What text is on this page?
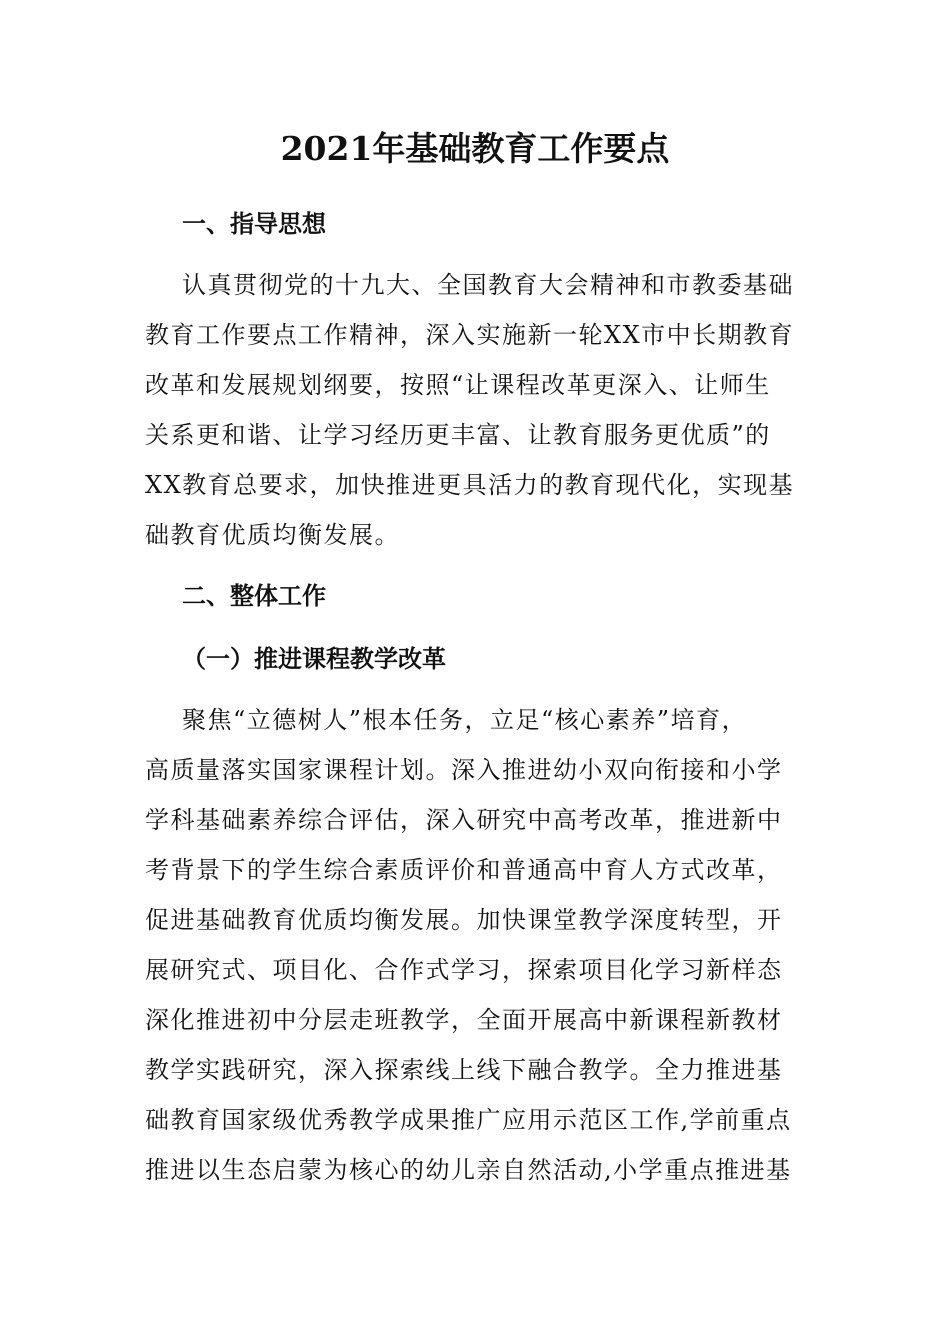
2021年基础教育工作要点
一、指导思想
认真贯彻党的十九大、全国教育大会精神和市教委基础
教育工作要点工作精神，深入实施新一轮XX市中长期教育
改革和发展规划纲要，按照“让课程改革更深入、让师生
关系更和谐、让学习经历更丰富、让教育服务更优质”的
XX教育总要求，加快推进更具活力的教育现代化，实现基
础教育优质均衡发展。
二、整体工作
（一）推进课程教学改革
聚焦“立德树人”根本任务，立足“核心素养”培育，
高质量落实国家课程计划。深入推进幼小双向衔接和小学
学科基础素养综合评估，深入研究中高考改革，推进新中
考背景下的学生综合素质评价和普通高中育人方式改革，
促进基础教育优质均衡发展。加快课堂教学深度转型，开
展研究式、项目化、合作式学习，探索项目化学习新样态
深化推进初中分层走班教学，全面开展高中新课程新教材
教学实践研究，深入探索线上线下融合教学。全力推进基
础教育国家级优秀教学成果推广应用示范区工作,学前重点
推进以生态启蒙为核心的幼儿亲自然活动,小学重点推进基
